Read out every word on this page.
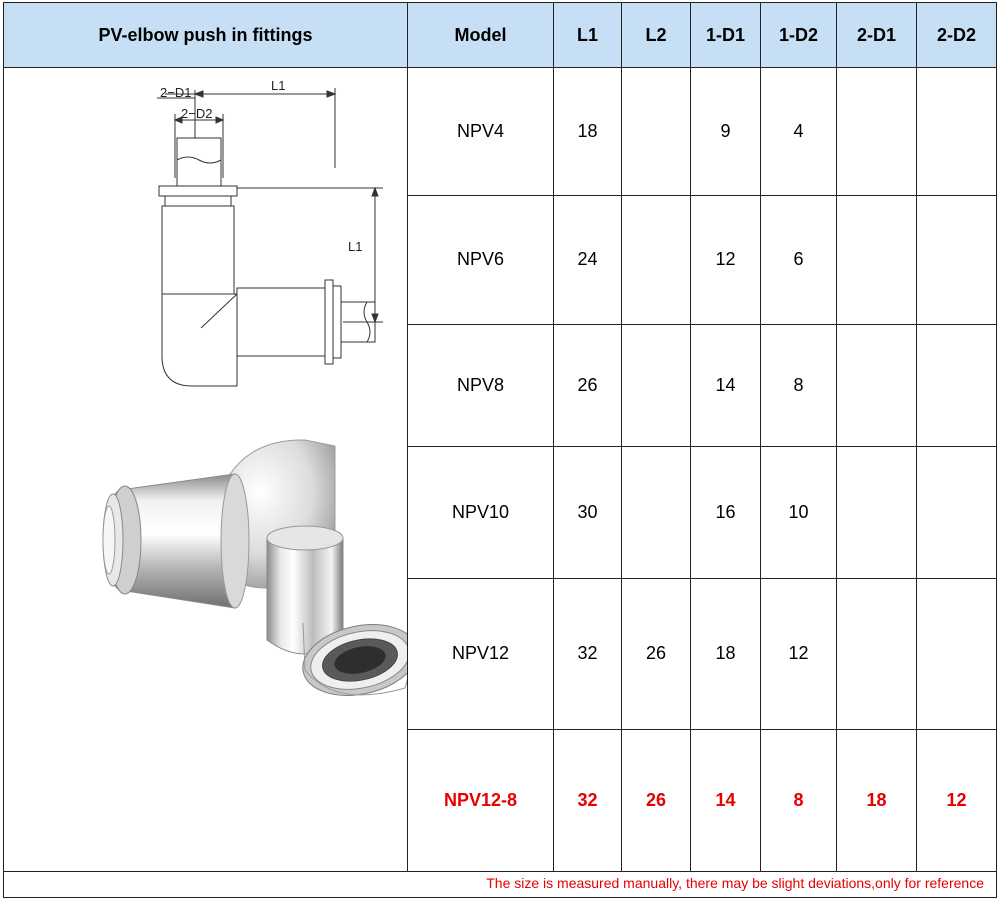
PV-elbow push in fittings	Model	L1	L2	1-D1	1-D2	2-D1	2-D2

2−D1
2−D2
L1
L1	NPV4	18		9	4		
	NPV6	24		12	6		
	NPV8	26		14	8		
	NPV10	30		16	10		
	NPV12	32	26	18	12		
	NPV12-8	32	26	14	8	18	12
The size is measured manually, there may be slight deviations,only for reference							
